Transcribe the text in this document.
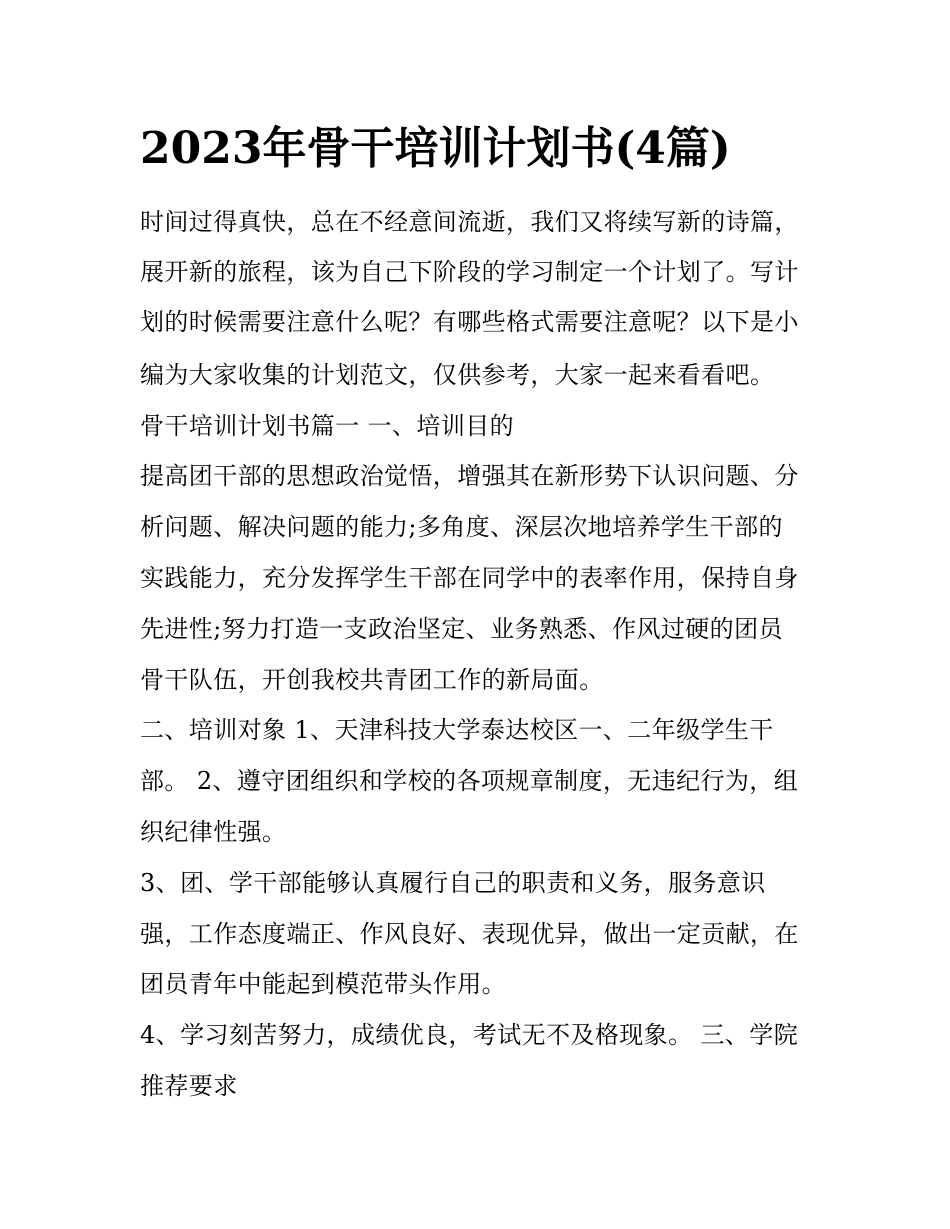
2023年骨干培训计划书(4篇)
时间过得真快，总在不经意间流逝，我们又将续写新的诗篇，
展开新的旅程，该为自己下阶段的学习制定一个计划了。写计
划的时候需要注意什么呢？有哪些格式需要注意呢？以下是小
编为大家收集的计划范文，仅供参考，大家一起来看看吧。
骨干培训计划书篇一 一、培训目的
提高团干部的思想政治觉悟，增强其在新形势下认识问题、分
析问题、解决问题的能力;多角度、深层次地培养学生干部的
实践能力，充分发挥学生干部在同学中的表率作用，保持自身
先进性;努力打造一支政治坚定、业务熟悉、作风过硬的团员
骨干队伍，开创我校共青团工作的新局面。
二、培训对象 1、天津科技大学泰达校区一、二年级学生干
部。 2、遵守团组织和学校的各项规章制度，无违纪行为，组
织纪律性强。
3、团、学干部能够认真履行自己的职责和义务，服务意识
强，工作态度端正、作风良好、表现优异，做出一定贡献，在
团员青年中能起到模范带头作用。
4、学习刻苦努力，成绩优良，考试无不及格现象。 三、学院
推荐要求
